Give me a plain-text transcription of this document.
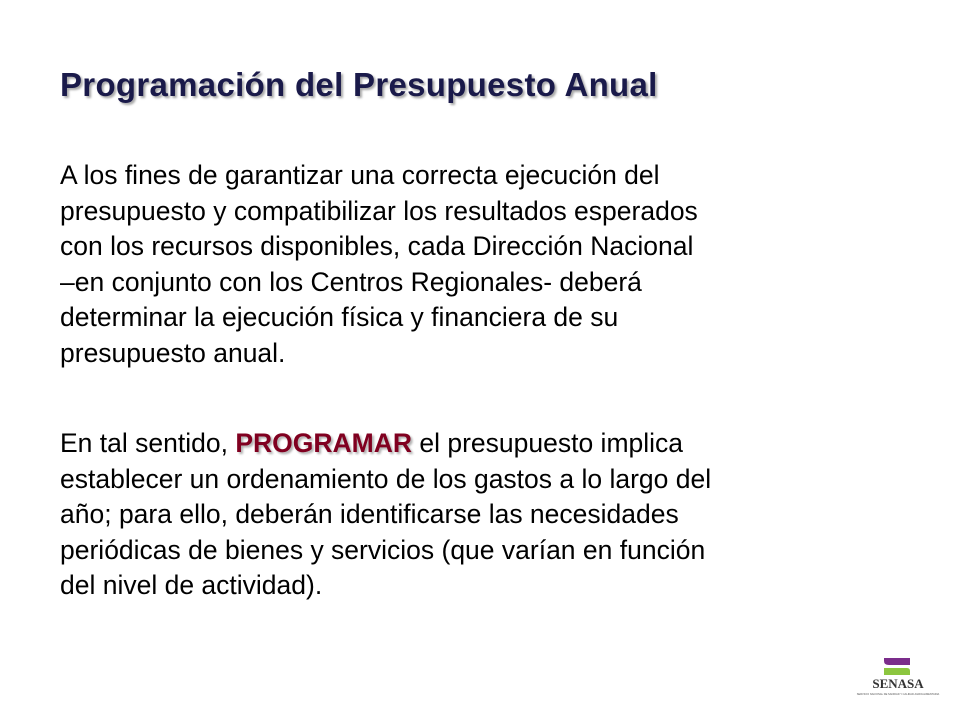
Programación del Presupuesto Anual

A los fines de garantizar una correcta ejecución del
presupuesto y compatibilizar los resultados esperados
con los recursos disponibles, cada Dirección Nacional
–en conjunto con los Centros Regionales- deberá
determinar la ejecución física y financiera de su
presupuesto anual.

En tal sentido, PROGRAMAR el presupuesto implica
establecer un ordenamiento de los gastos a lo largo del
año; para ello, deberán identificarse las necesidades
periódicas de bienes y servicios (que varían en función
del nivel de actividad).

SENASA
SERVICIO NACIONAL DE SANIDAD Y CALIDAD AGROALIMENTARIA
